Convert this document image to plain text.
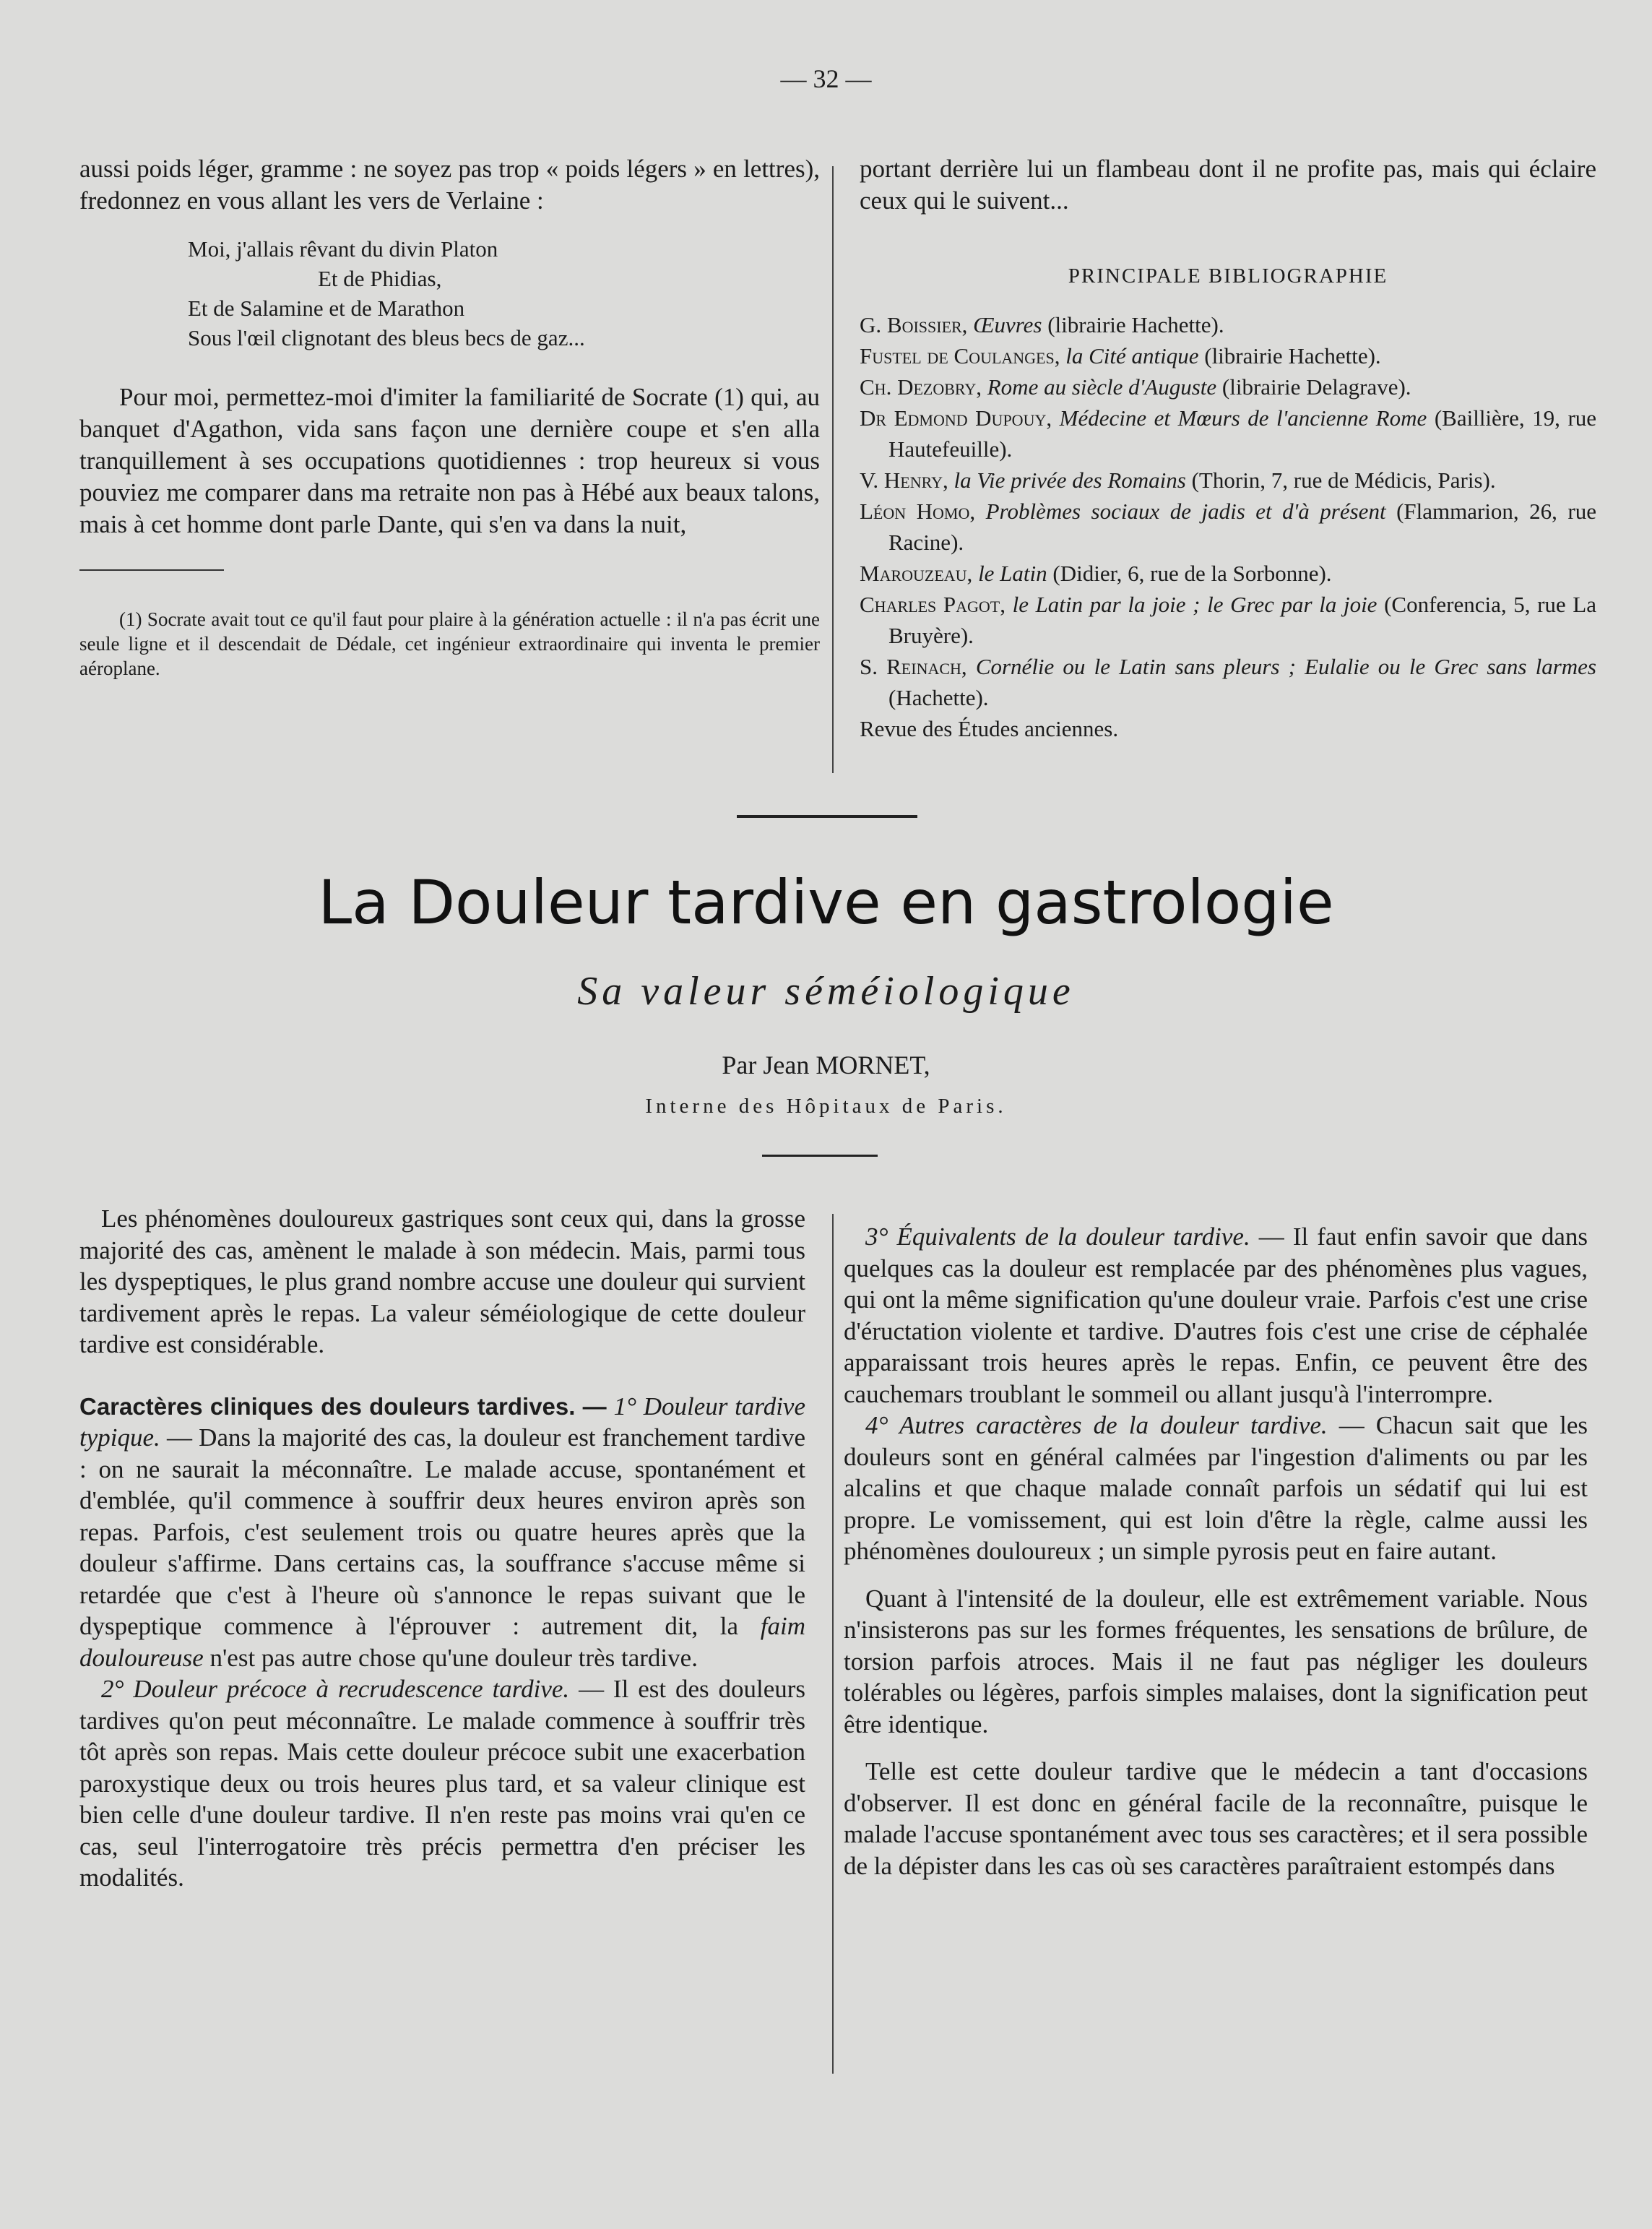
— 32 —

aussi poids léger, gramme : ne soyez pas trop « poids légers » en lettres), fredonnez en vous allant les vers de Verlaine :

Moi, j'allais rêvant du divin Platon
Et de Phidias,
Et de Salamine et de Marathon
Sous l'œil clignotant des bleus becs de gaz...

Pour moi, permettez-moi d'imiter la familiarité de Socrate (1) qui, au banquet d'Agathon, vida sans façon une dernière coupe et s'en alla tranquillement à ses occupations quotidiennes : trop heureux si vous pouviez me comparer dans ma retraite non pas à Hébé aux beaux talons, mais à cet homme dont parle Dante, qui s'en va dans la nuit,

(1) Socrate avait tout ce qu'il faut pour plaire à la génération actuelle : il n'a pas écrit une seule ligne et il descendait de Dédale, cet ingénieur extraordinaire qui inventa le premier aéroplane.

portant derrière lui un flambeau dont il ne profite pas, mais qui éclaire ceux qui le suivent...

PRINCIPALE BIBLIOGRAPHIE
G. Boissier, Œuvres (librairie Hachette).
Fustel de Coulanges, la Cité antique (librairie Hachette).
Ch. Dezobry, Rome au siècle d'Auguste (librairie Delagrave).
Dr Edmond Dupouy, Médecine et Mœurs de l'ancienne Rome (Baillière, 19, rue Hautefeuille).
V. Henry, la Vie privée des Romains (Thorin, 7, rue de Médicis, Paris).
Léon Homo, Problèmes sociaux de jadis et d'à présent (Flammarion, 26, rue Racine).
Marouzeau, le Latin (Didier, 6, rue de la Sorbonne).
Charles Pagot, le Latin par la joie ; le Grec par la joie (Conferencia, 5, rue La Bruyère).
S. Reinach, Cornélie ou le Latin sans pleurs ; Eulalie ou le Grec sans larmes (Hachette).
Revue des Études anciennes.
La Douleur tardive en gastrologie
Sa valeur séméiologique
Par Jean MORNET,
Interne des Hôpitaux de Paris.

Les phénomènes douloureux gastriques sont ceux qui, dans la grosse majorité des cas, amènent le malade à son médecin. Mais, parmi tous les dyspeptiques, le plus grand nombre accuse une douleur qui survient tardivement après le repas. La valeur séméiologique de cette douleur tardive est considérable.

Caractères cliniques des douleurs tardives. — 1° Douleur tardive typique. — Dans la majorité des cas, la douleur est franchement tardive : on ne saurait la méconnaître. Le malade accuse, spontanément et d'emblée, qu'il commence à souffrir deux heures environ après son repas. Parfois, c'est seulement trois ou quatre heures après que la douleur s'affirme. Dans certains cas, la souffrance s'accuse même si retardée que c'est à l'heure où s'annonce le repas suivant que le dyspeptique commence à l'éprouver : autrement dit, la faim douloureuse n'est pas autre chose qu'une douleur très tardive.

2° Douleur précoce à recrudescence tardive. — Il est des douleurs tardives qu'on peut méconnaître. Le malade commence à souffrir très tôt après son repas. Mais cette douleur précoce subit une exacerbation paroxystique deux ou trois heures plus tard, et sa valeur clinique est bien celle d'une douleur tardive. Il n'en reste pas moins vrai qu'en ce cas, seul l'interrogatoire très précis permettra d'en préciser les modalités.

3° Équivalents de la douleur tardive. — Il faut enfin savoir que dans quelques cas la douleur est remplacée par des phénomènes plus vagues, qui ont la même signification qu'une douleur vraie. Parfois c'est une crise d'éructation violente et tardive. D'autres fois c'est une crise de céphalée apparaissant trois heures après le repas. Enfin, ce peuvent être des cauchemars troublant le sommeil ou allant jusqu'à l'interrompre.

4° Autres caractères de la douleur tardive. — Chacun sait que les douleurs sont en général calmées par l'ingestion d'aliments ou par les alcalins et que chaque malade connaît parfois un sédatif qui lui est propre. Le vomissement, qui est loin d'être la règle, calme aussi les phénomènes douloureux ; un simple pyrosis peut en faire autant.

Quant à l'intensité de la douleur, elle est extrêmement variable. Nous n'insisterons pas sur les formes fréquentes, les sensations de brûlure, de torsion parfois atroces. Mais il ne faut pas négliger les douleurs tolérables ou légères, parfois simples malaises, dont la signification peut être identique.

Telle est cette douleur tardive que le médecin a tant d'occasions d'observer. Il est donc en général facile de la reconnaître, puisque le malade l'accuse spontanément avec tous ses caractères; et il sera possible de la dépister dans les cas où ses caractères paraîtraient estompés dans
